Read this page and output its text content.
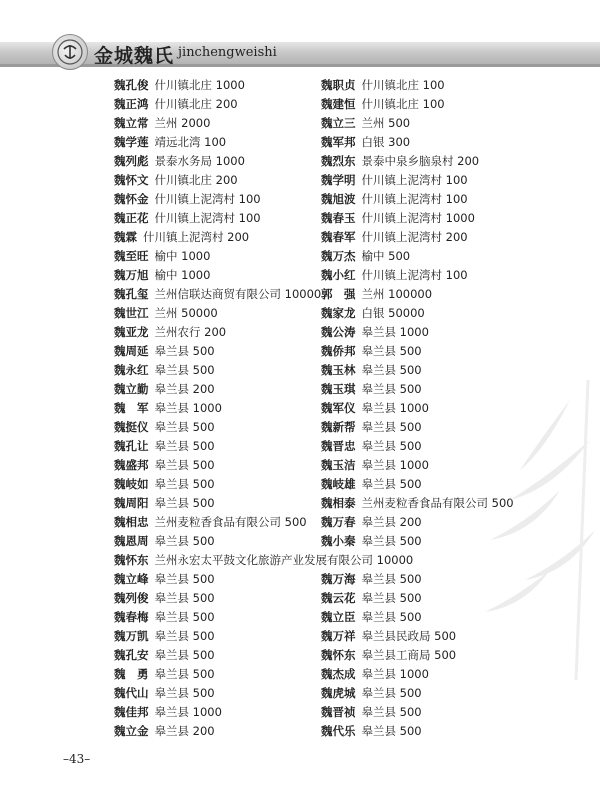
金城魏氏 jinchengweishi
魏孔俊 什川镇北庄 1000	魏职贞 什川镇北庄 100
魏正鸿 什川镇北庄 200	魏建恒 什川镇北庄 100
魏立常 兰州 2000	魏立三 兰州 500
魏学莲 靖远北湾 100	魏军邦 白银 300
魏列彪 景泰水务局 1000	魏烈东 景泰中泉乡脑泉村 200
魏怀文 什川镇北庄 200	魏学明 什川镇上泥湾村 100
魏怀金 什川镇上泥湾村 100	魏旭波 什川镇上泥湾村 100
魏正花 什川镇上泥湾村 100	魏春玉 什川镇上泥湾村 1000
魏霖 什川镇上泥湾村 200	魏春军 什川镇上泥湾村 200
魏至旺 榆中 1000	魏万杰 榆中 500
魏万旭 榆中 1000	魏小红 什川镇上泥湾村 100
魏孔玺 兰州信联达商贸有限公司 10000 郭　强 兰州 100000
魏世江 兰州 50000	魏家龙 白银 50000
魏亚龙 兰州农行 200	魏公涛 皋兰县 1000
魏周延 皋兰县 500	魏侨邦 皋兰县 500
魏永红 皋兰县 500	魏玉林 皋兰县 500
魏立勤 皋兰县 200	魏玉琪 皋兰县 500
魏　军 皋兰县 1000	魏军仪 皋兰县 1000
魏挺仪 皋兰县 500	魏新帮 皋兰县 500
魏孔让 皋兰县 500	魏晋忠 皋兰县 500
魏盛邦 皋兰县 500	魏玉洁 皋兰县 1000
魏岐如 皋兰县 500	魏岐雄 皋兰县 500
魏周阳 皋兰县 500	魏相泰 兰州麦粒香食品有限公司 500
魏相忠 兰州麦粒香食品有限公司 500 魏万春 皋兰县 200
魏恩周 皋兰县 500	魏小秦 皋兰县 500
魏怀东 兰州永宏太平鼓文化旅游产业发展有限公司 10000
魏立峰 皋兰县 500	魏万海 皋兰县 500
魏列俊 皋兰县 500	魏云花 皋兰县 500
魏春梅 皋兰县 500	魏立臣 皋兰县 500
魏万凯 皋兰县 500	魏万祥 皋兰县民政局 500
魏孔安 皋兰县 500	魏怀东 皋兰县工商局 500
魏　勇 皋兰县 500	魏杰成 皋兰县 1000
魏代山 皋兰县 500	魏虎城 皋兰县 500
魏佳邦 皋兰县 1000	魏晋祯 皋兰县 500
魏立金 皋兰县 200	魏代乐 皋兰县 500
–43–
